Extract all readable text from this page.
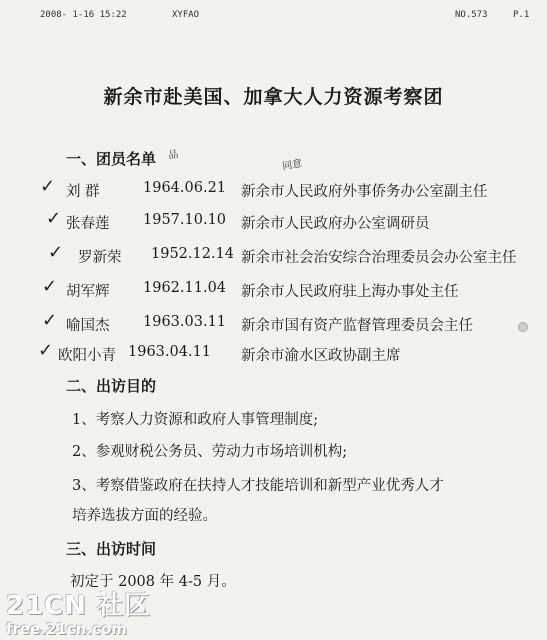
2008- 1-16 15:22	XYFAO	NO.573	P.1
新余市赴美国、加拿大人力资源考察团
一、团员名单 品
同意
✓ 刘 群	1964.06.21 新余市人民政府外事侨务办公室副主任
✓ 张春莲 1957.10.10 新余市人民政府办公室调研员
✓ 罗新荣 1952.12.14 新余市社会治安综合治理委员会办公室主任
✓ 胡军辉 1962.11.04 新余市人民政府驻上海办事处主任
✓ 喻国杰 1963.03.11 新余市国有资产监督管理委员会主任
✓ 欧阳小青 1963.04.11 新余市渝水区政协副主席
二、出访目的
1、考察人力资源和政府人事管理制度;
2、参观财税公务员、劳动力市场培训机构;
3、考察借鉴政府在扶持人才技能培训和新型产业优秀人才
培养选拔方面的经验。
三、出访时间
初定于 2008 年 4-5 月。
21CN 社区
free.21cn.com
